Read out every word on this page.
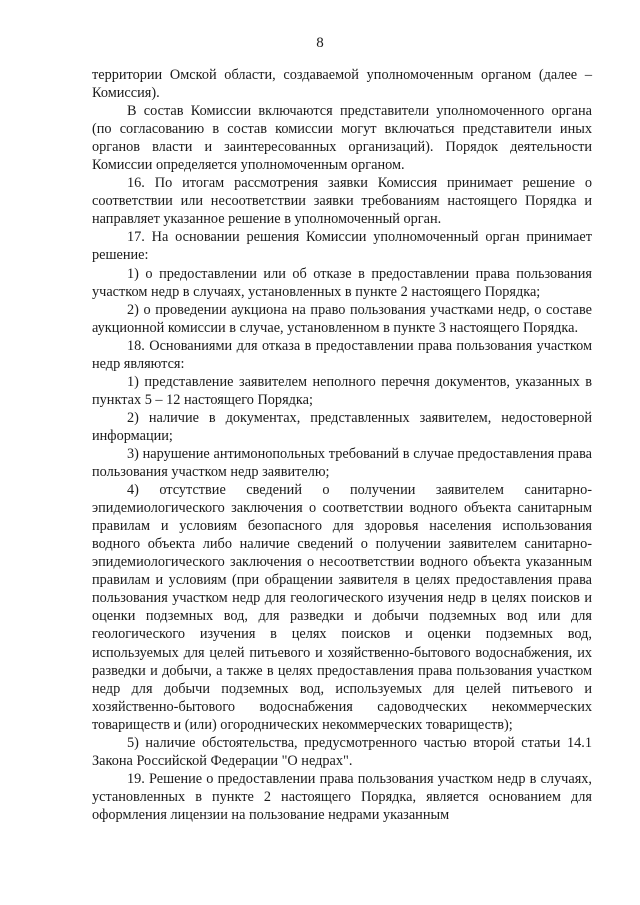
8

территории Омской области, создаваемой уполномоченным органом (далее – Комиссия).

В состав Комиссии включаются представители уполномоченного органа (по согласованию в состав комиссии могут включаться представители иных органов власти и заинтересованных организаций). Порядок деятельности Комиссии определяется уполномоченным органом.

16. По итогам рассмотрения заявки Комиссия принимает решение о соответствии или несоответствии заявки требованиям настоящего Порядка и направляет указанное решение в уполномоченный орган.

17. На основании решения Комиссии уполномоченный орган принимает решение:

1) о предоставлении или об отказе в предоставлении права пользования участком недр в случаях, установленных в пункте 2 настоящего Порядка;

2) о проведении аукциона на право пользования участками недр, о составе аукционной комиссии в случае, установленном в пункте 3 настоящего Порядка.

18. Основаниями для отказа в предоставлении права пользования участком недр являются:

1) представление заявителем неполного перечня документов, указанных в пунктах 5 – 12 настоящего Порядка;

2) наличие в документах, представленных заявителем, недостоверной информации;

3) нарушение антимонопольных требований в случае предоставления права пользования участком недр заявителю;

4) отсутствие сведений о получении заявителем санитарно-эпидемиологического заключения о соответствии водного объекта санитарным правилам и условиям безопасного для здоровья населения использования водного объекта либо наличие сведений о получении заявителем санитарно-эпидемиологического заключения о несоответствии водного объекта указанным правилам и условиям (при обращении заявителя в целях предоставления права пользования участком недр для геологического изучения недр в целях поисков и оценки подземных вод, для разведки и добычи подземных вод или для геологического изучения в целях поисков и оценки подземных вод, используемых для целей питьевого и хозяйственно-бытового водоснабжения, их разведки и добычи, а также в целях предоставления права пользования участком недр для добычи подземных вод, используемых для целей питьевого и хозяйственно-бытового водоснабжения садоводческих некоммерческих товариществ и (или) огороднических некоммерческих товариществ);

5) наличие обстоятельства, предусмотренного частью второй статьи 14.1 Закона Российской Федерации "О недрах".

19. Решение о предоставлении права пользования участком недр в случаях, установленных в пункте 2 настоящего Порядка, является основанием для оформления лицензии на пользование недрами указанным
